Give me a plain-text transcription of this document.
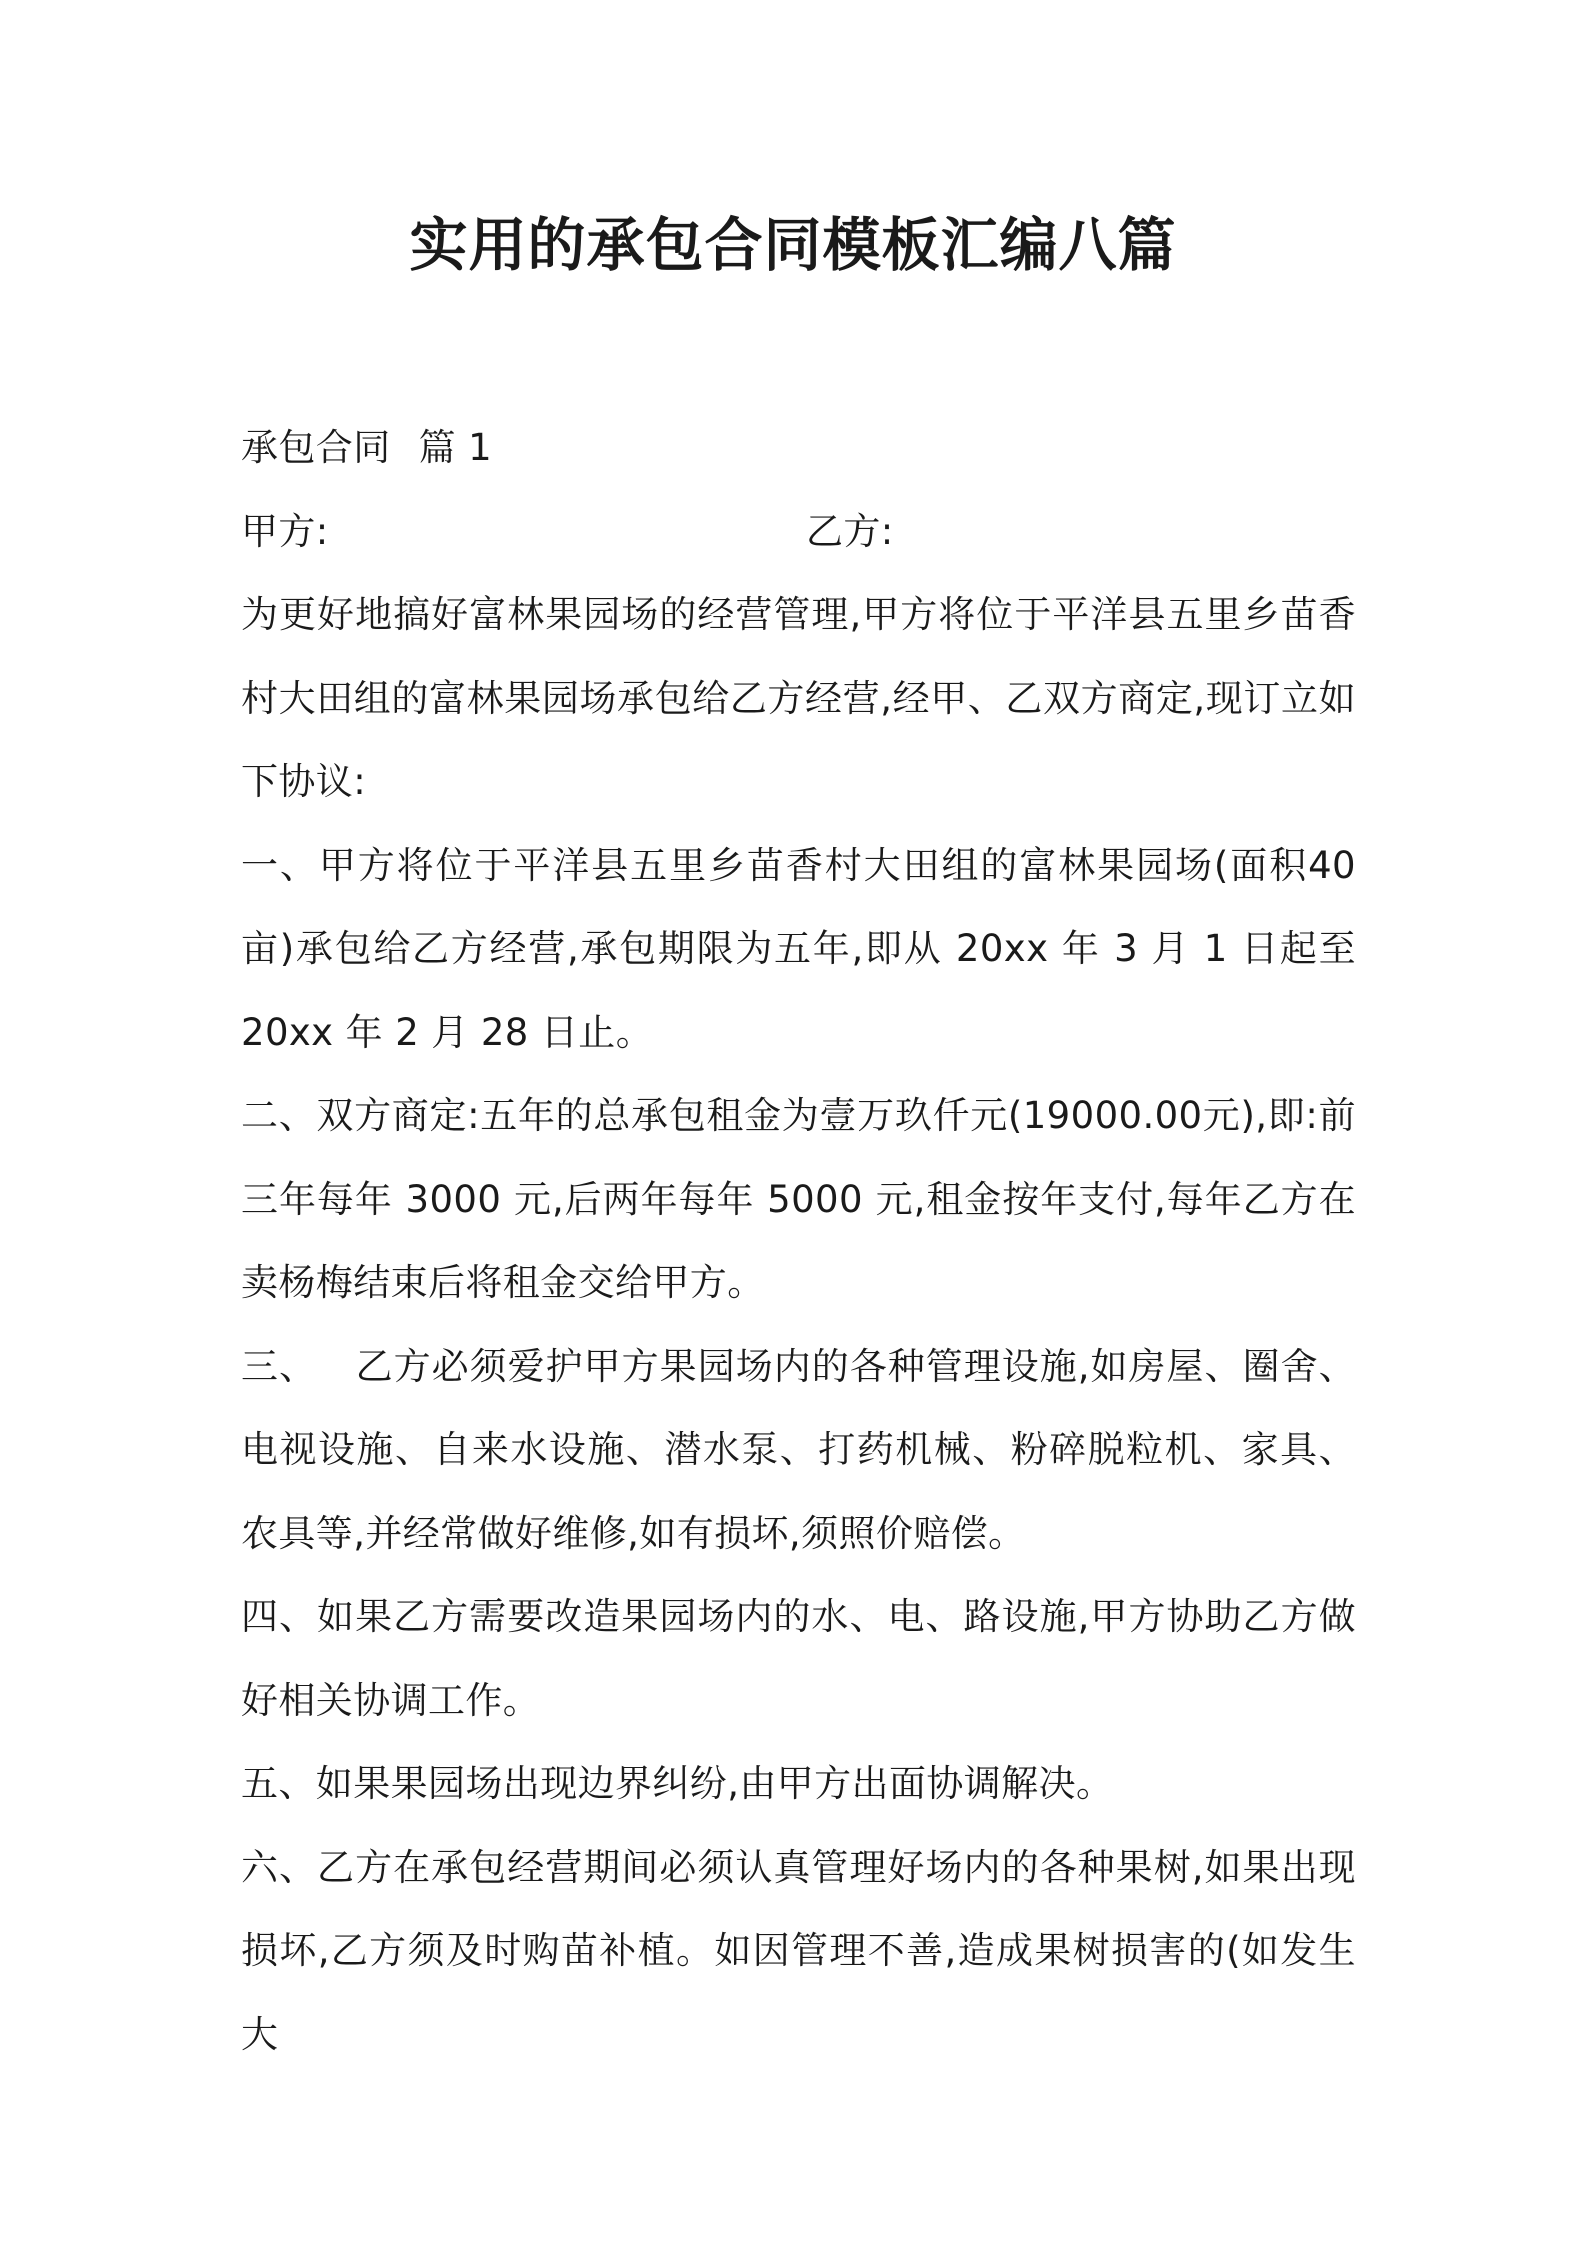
实用的承包合同模板汇编八篇

承包合同 篇 1

甲方:	乙方:

为更好地搞好富林果园场的经营管理,甲方将位于平洋县五里乡苗香村大田组的富林果园场承包给乙方经营,经甲、乙双方商定,现订立如下协议:

一、甲方将位于平洋县五里乡苗香村大田组的富林果园场(面积40亩)承包给乙方经营,承包期限为五年,即从 20xx 年 3 月 1 日起至 20xx 年 2 月 28 日止。

二、双方商定:五年的总承包租金为壹万玖仟元(19000.00元),即:前三年每年 3000 元,后两年每年 5000 元,租金按年支付,每年乙方在卖杨梅结束后将租金交给甲方。

三、 乙方必须爱护甲方果园场内的各种管理设施,如房屋、圈舍、电视设施、自来水设施、潜水泵、打药机械、粉碎脱粒机、家具、农具等,并经常做好维修,如有损坏,须照价赔偿。

四、如果乙方需要改造果园场内的水、电、路设施,甲方协助乙方做好相关协调工作。

五、如果果园场出现边界纠纷,由甲方出面协调解决。

六、乙方在承包经营期间必须认真管理好场内的各种果树,如果出现损坏,乙方须及时购苗补植。如因管理不善,造成果树损害的(如发生大
